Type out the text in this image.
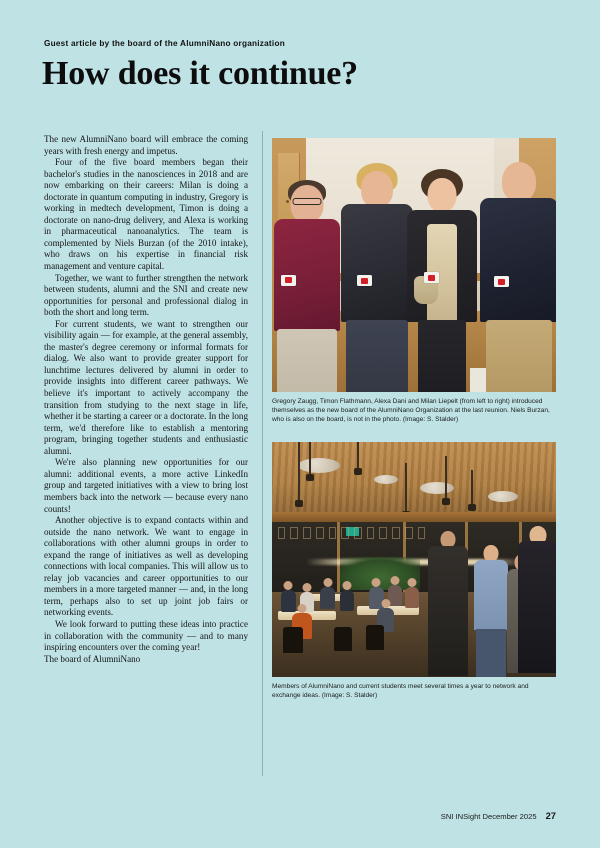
Guest article by the board of the AlumniNano organization
How does it continue?

The new AlumniNano board will embrace the coming years with fresh energy and impetus.

Four of the five board members began their bachelor's studies in the nanosciences in 2018 and are now embarking on their careers: Milan is doing a doctorate in quantum computing in industry, Gregory is working in medtech development, Timon is doing a doctorate on nano-drug delivery, and Alexa is working in pharmaceutical nanoanalytics. The team is complemented by Niels Burzan (of the 2010 intake), who draws on his expertise in financial risk management and venture capital.

Together, we want to further strengthen the network between students, alumni and the SNI and create new opportunities for personal and professional dialog in both the short and long term.

For current students, we want to strengthen our visibility again — for example, at the general assembly, the master's degree ceremony or informal formats for dialog. We also want to provide greater support for lunchtime lectures delivered by alumni in order to provide insights into different career pathways. We believe it's important to actively accompany the transition from studying to the next stage in life, whether it be starting a career or a doctorate. In the long term, we'd therefore like to establish a mentoring program, bringing together students and enthusiastic alumni.

We're also planning new opportunities for our alumni: additional events, a more active LinkedIn group and targeted initiatives with a view to bring lost members back into the network — because every nano counts!

Another objective is to expand contacts within and outside the nano network. We want to engage in collaborations with other alumni groups in order to expand the range of initiatives as well as developing connections with local companies. This will allow us to relay job vacancies and career opportunities to our members in a more targeted manner — and, in the long term, perhaps also to set up joint job fairs or networking events.

We look forward to putting these ideas into practice in collaboration with the community — and to many inspiring encounters over the coming year!

The board of AlumniNano

Gregory Zaugg, Timon Flathmann, Alexa Dani and Milan Liepelt (from left to right) introduced themselves as the new board of the AlumniNano Organization at the last reunion. Niels Burzan, who is also on the board, is not in the photo. (Image: S. Stalder)
Members of AlumniNano and current students meet several times a year to network and exchange ideas. (Image: S. Stalder)
SNI INSight December 2025 27
